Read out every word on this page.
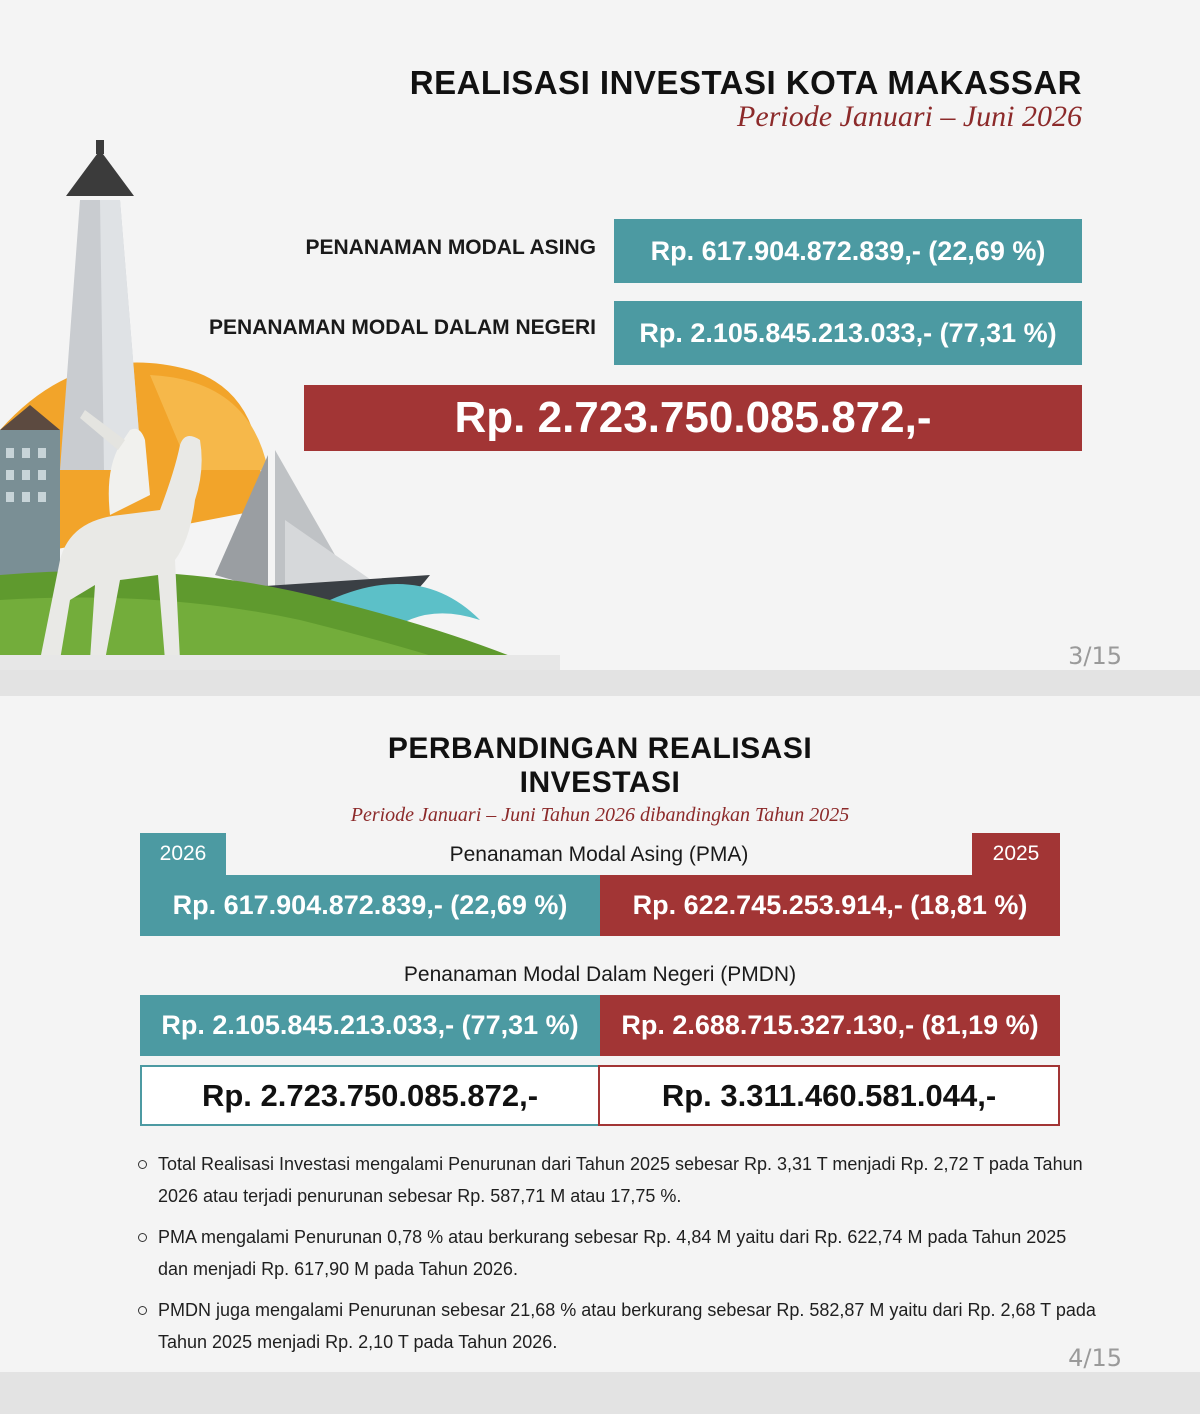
REALISASI INVESTASI KOTA MAKASSAR
Periode Januari – Juni 2026
PENANAMAN MODAL ASING	Rp. 617.904.872.839,- (22,69 %)
PENANAMAN MODAL DALAM NEGERI	Rp. 2.105.845.213.033,- (77,31 %)
Rp. 2.723.750.085.872,-
3/15
PERBANDINGAN REALISASI
INVESTASI
Periode Januari – Juni Tahun 2026 dibandingkan Tahun 2025
2026	2025
Penanaman Modal Asing (PMA)
Rp. 617.904.872.839,- (22,69 %)	Rp. 622.745.253.914,- (18,81 %)
Penanaman Modal Dalam Negeri (PMDN)
Rp. 2.105.845.213.033,- (77,31 %)	Rp. 2.688.715.327.130,- (81,19 %)
Rp. 2.723.750.085.872,-	Rp. 3.311.460.581.044,-
Total Realisasi Investasi mengalami Penurunan dari Tahun 2025 sebesar Rp. 3,31 T menjadi Rp. 2,72 T pada Tahun 2026 atau terjadi penurunan sebesar Rp. 587,71 M atau 17,75 %.
PMA mengalami Penurunan 0,78 % atau berkurang sebesar Rp. 4,84 M yaitu dari Rp. 622,74 M pada Tahun 2025 dan menjadi Rp. 617,90 M pada Tahun 2026.
PMDN juga mengalami Penurunan sebesar 21,68 % atau berkurang sebesar Rp. 582,87 M yaitu dari Rp. 2,68 T pada Tahun 2025 menjadi Rp. 2,10 T pada Tahun 2026.
4/15
